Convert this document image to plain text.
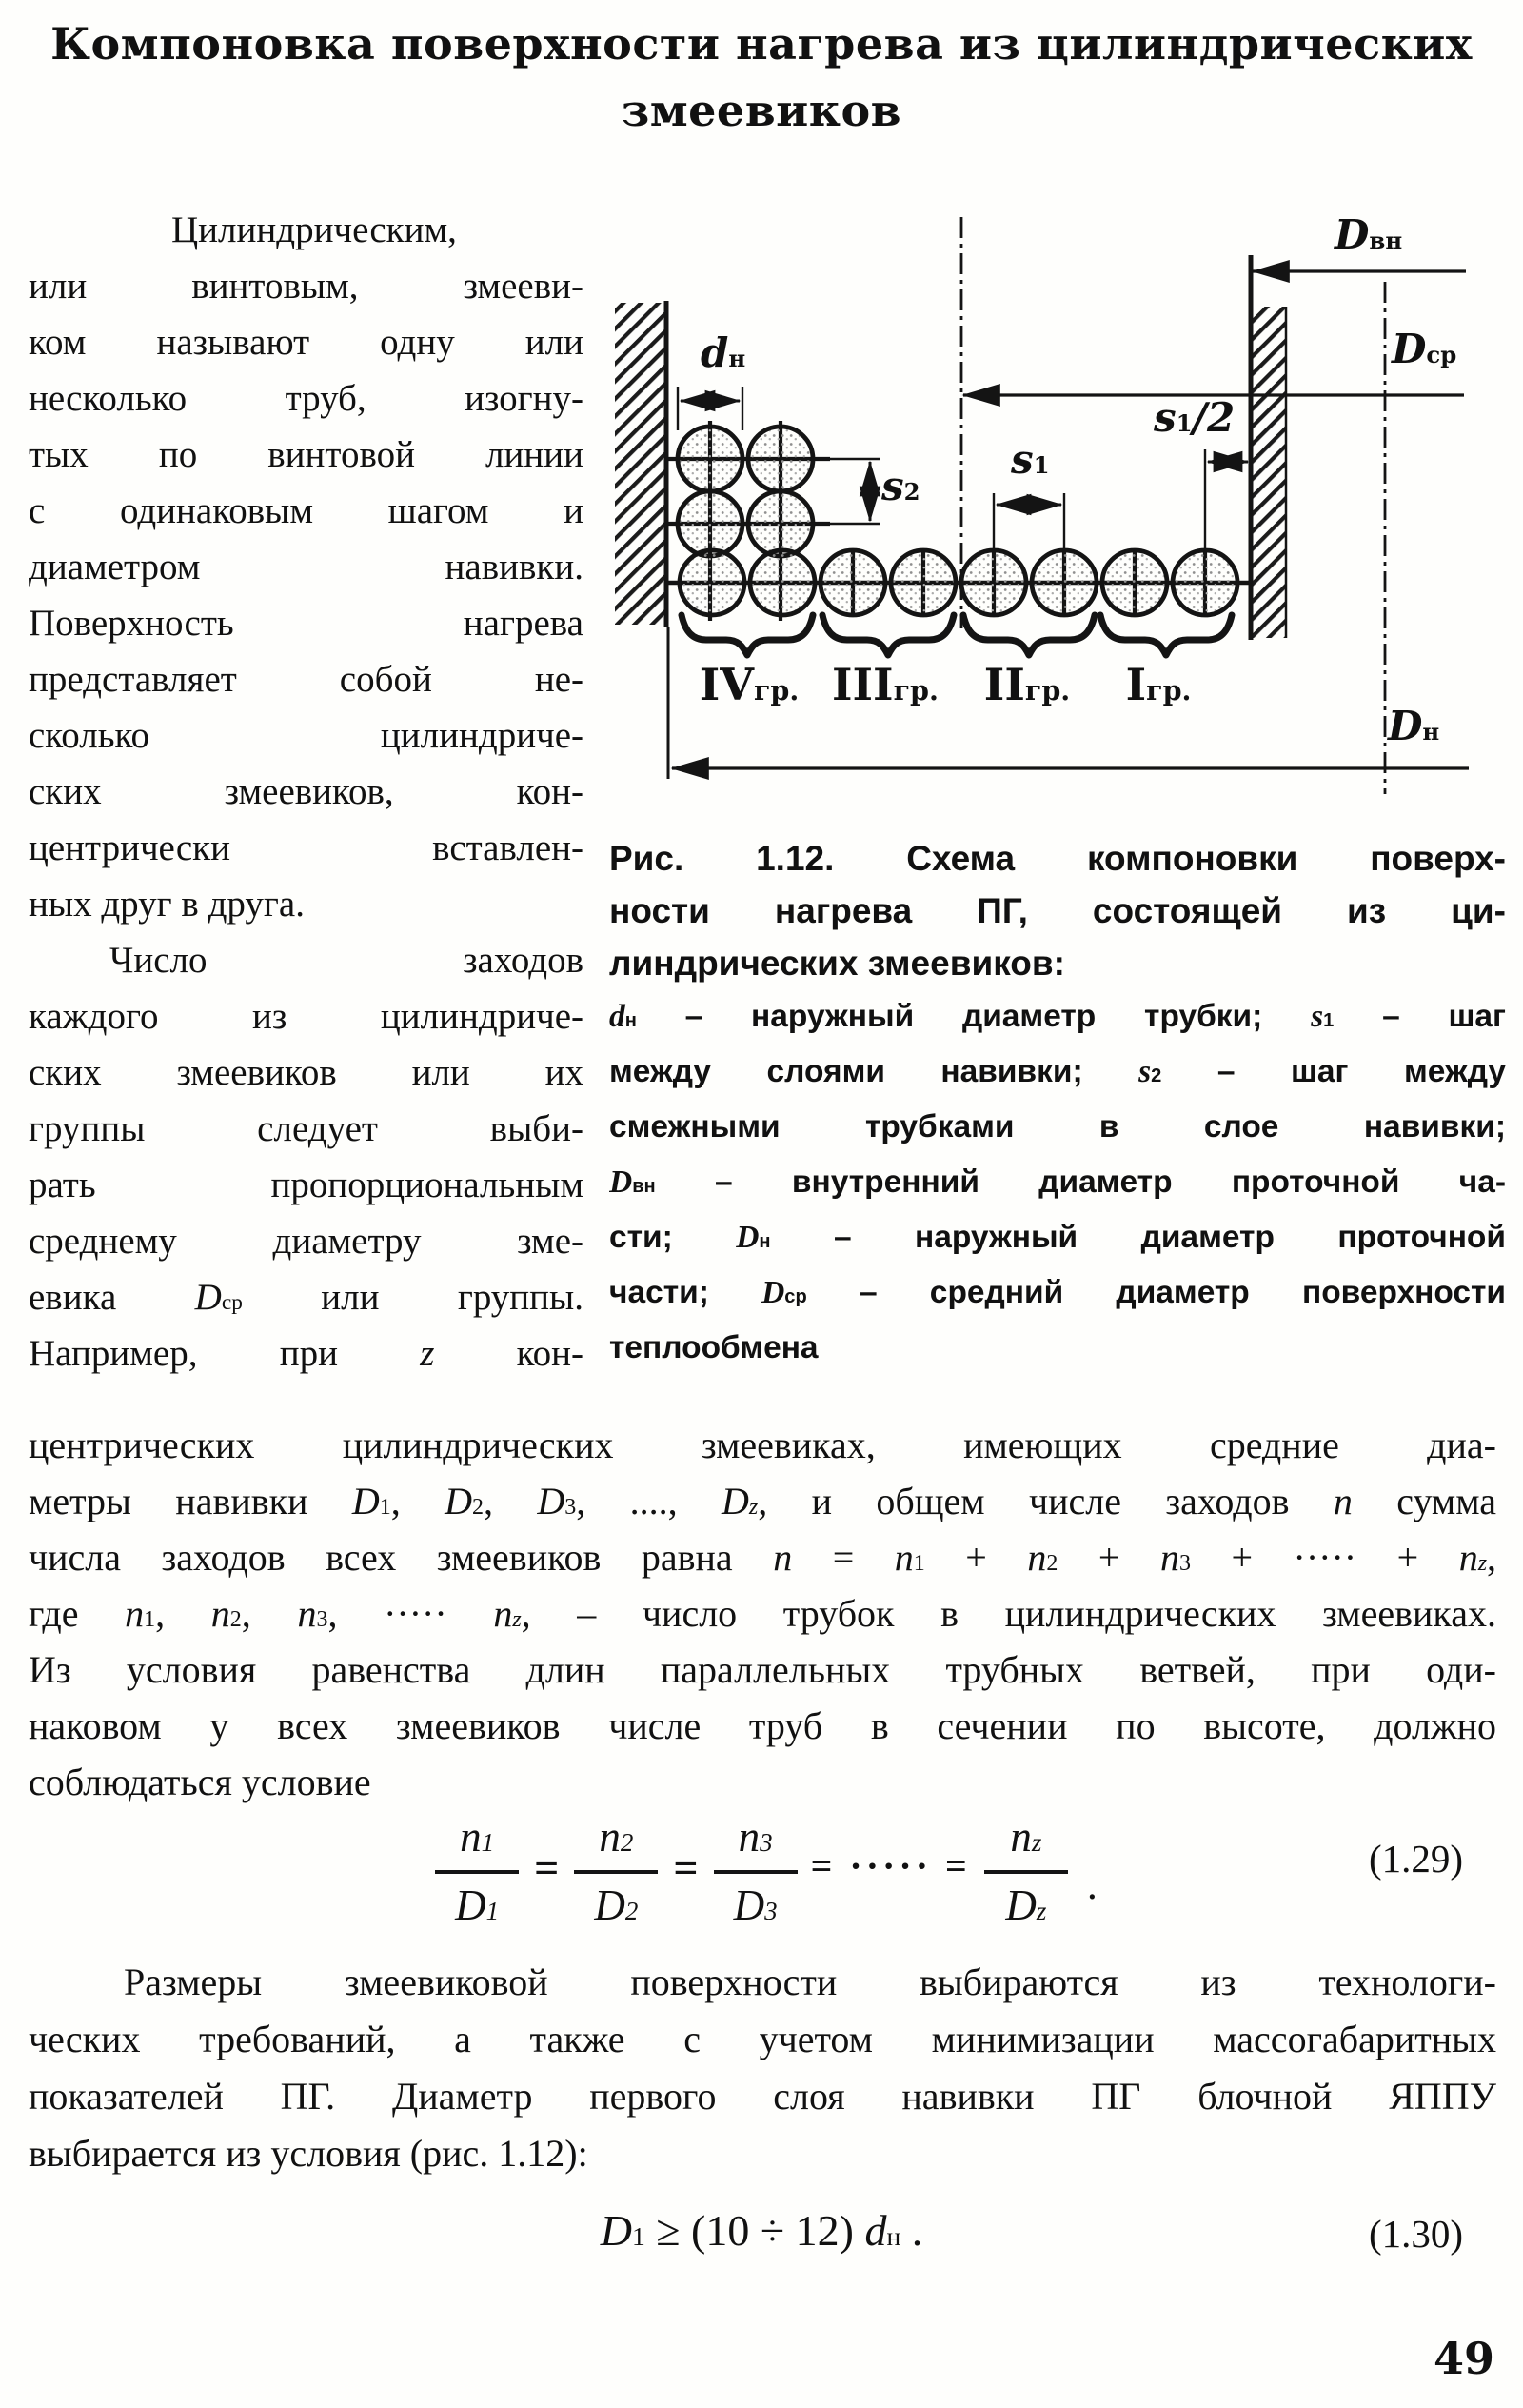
Компоновка поверхности нагрева из цилиндрических
змеевиков
Цилиндрическим,
или винтовым, змееви-
ком называют одну или
несколько труб, изогну-
тых по винтовой линии
с одинаковым шагом и
диаметром навивки.
Поверхность нагрева
представляет собой не-
сколько цилиндриче-
ских змеевиков, кон-
центрически вставлен-
ных друг в друга.
Число заходов
каждого из цилиндриче-
ских змеевиков или их
группы следует выби-
рать пропорциональным
среднему диаметру зме-
евика $D_{ср}$ или группы.
Например, при z кон-
$d_н$
$s_2$
$s_1$
$s_1/2$
$D_{вн}$
$D_{ср}$
$D_н$
$IV_{гр.}$ $III_{гр.}$ $II_{гр.}$	$I_{гр.}$
Рис. 1.12. Схема компоновки поверх-
ности нагрева ПГ, состоящей из ци-
линдрических змеевиков:
$d_н$ – наружный диаметр трубки; $s_1$ – шаг
между слоями навивки; $s_2$ – шаг между
смежными трубками в слое навивки;
$D_{вн}$ – внутренний диаметр проточной ча-
сти; $D_н$ – наружный диаметр проточной
части; $D_{ср}$ – средний диаметр поверхности
теплообмена
центрических цилиндрических змеевиках, имеющих средние диа-
метры навивки $D_1$, $D_2$, $D_3$, ...., $D_z$, и общем числе заходов n сумма
числа заходов всех змеевиков равна $n = n_1 + n_2 + n_3$ + ····· + $n_z$,
где $n_1$, $n_2$, $n_3$, ····· $n_z$, – число трубок в цилиндрических змеевиках.
Из условия равенства длин параллельных трубных ветвей, при оди-
наковом у всех змеевиков числе труб в сечении по высоте, должно
соблюдаться условие
$\frac{n_1}{D_1} = \frac{n_2}{D_2} = \frac{n_3}{D_3}$ = ····· = $\frac{n_z}{D_z}$ .
(1.29)
Размеры змеевиковой поверхности выбираются из технологи-
ческих требований, а также с учетом минимизации массогабаритных
показателей ПГ. Диаметр первого слоя навивки ПГ блочной ЯППУ
выбирается из условия (рис. 1.12):
$D_1 \ge (10 \div 12)$ $d_н$ .	(1.30)
49
